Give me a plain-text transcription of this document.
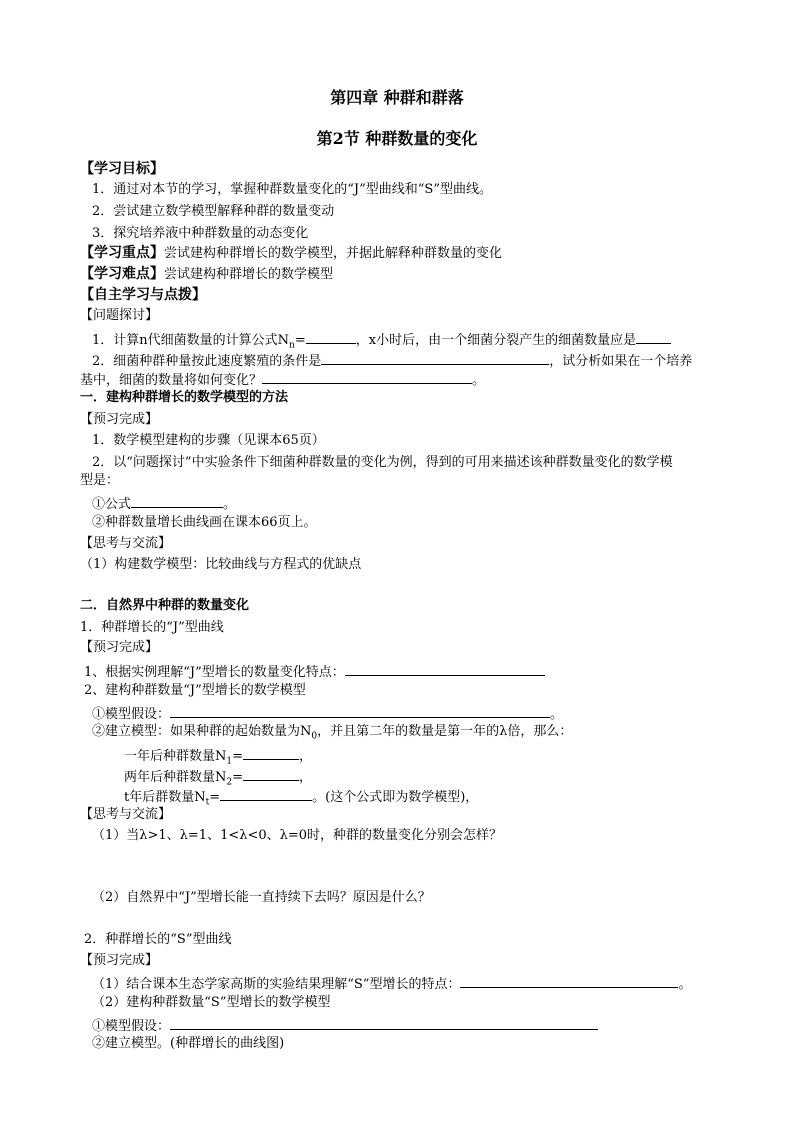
第四章 种群和群落
第2节 种群数量的变化
【学习目标】
1．通过对本节的学习，掌握种群数量变化的“J”型曲线和“S”型曲线。
2．尝试建立数学模型解释种群的数量变动
3．探究培养液中种群数量的动态变化
【学习重点】尝试建构种群增长的数学模型，并据此解释种群数量的变化
【学习难点】尝试建构种群增长的数学模型
【自主学习与点拨】
【问题探讨】
1．计算n代细菌数量的计算公式$N_n=$	，x小时后，由一个细菌分裂产生的细菌数量应是
2．细菌种群种量按此速度繁殖的条件是	，试分析如果在一个培养
基中，细菌的数量将如何变化？	。
一．建构种群增长的数学模型的方法
【预习完成】
1．数学模型建构的步骤（见课本65页）
2．以“问题探讨”中实验条件下细菌种群数量的变化为例，得到的可用来描述该种群数量变化的数学模
型是：
①公式	。
②种群数量增长曲线画在课本66页上。
【思考与交流】
（1）构建数学模型：比较曲线与方程式的优缺点
二．自然界中种群的数量变化
1．种群增长的“J”型曲线
【预习完成】
1、根据实例理解“J”型增长的数量变化特点：
2、建构种群数量“J”型增长的数学模型
①模型假设：	。
②建立模型：如果种群的起始数量为$N_0$，并且第二年的数量是第一年的λ倍，那么：
一年后种群数量$N_1=$	，
两年后种群数量$N_2=$	，
t年后群数量$N_t=$	。(这个公式即为数学模型)，
【思考与交流】
（1）当λ>1、λ=1、1<λ<0、λ=0时，种群的数量变化分别会怎样？
（2）自然界中“J”型增长能一直持续下去吗？原因是什么？
2．种群增长的“S”型曲线
【预习完成】
（1）结合课本生态学家高斯的实验结果理解“S”型增长的特点：	。
（2）建构种群数量“S”型增长的数学模型
①模型假设：
②建立模型。(种群增长的曲线图)
